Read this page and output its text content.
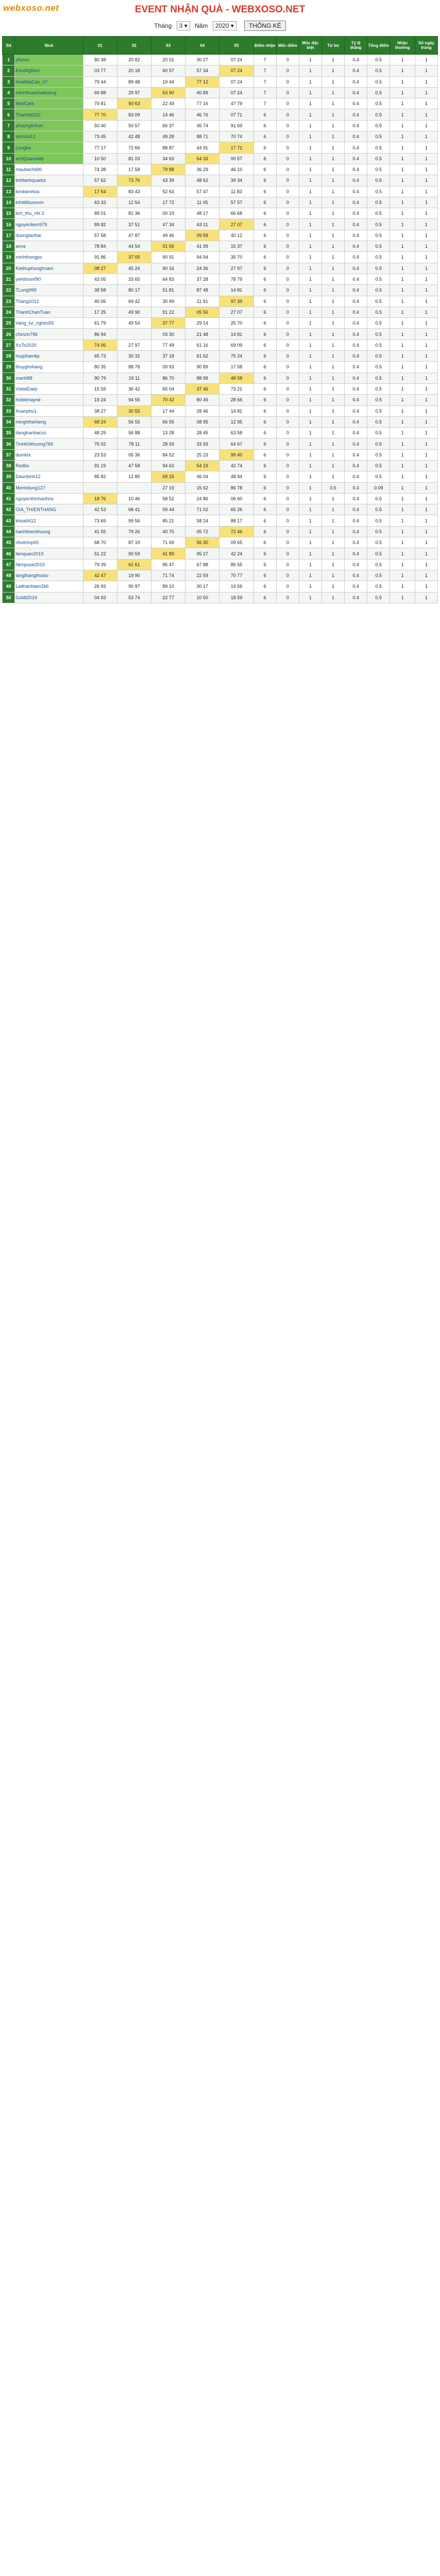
webxoso.net	EVENT NHẬN QUÀ - WEBXOSO.NET
Tháng 3 ▾ Năm 2020 ▾ THỐNG KÊ
Stt	Nick	01	02	03	04	05	Điểm nhận	Mốc điểm	Mốc đặc biệt	Từ bỏ	Tỷ lệ thắng	Tổng điểm	Nhận thưởng	Số ngày trúng
1	phimm	80 38	20 82	20 01	30 27	07 24	7	0	1	1	0.4	0.5	1	1
2	KhoiNgBien	03 77	20 18	60 57	57 34	07 24	7	0	1	1	0.4	0.5	1	1
3	HoaMaiCao_07	79 44	89 48	19 44	77 12	07 24	7	0	1	1	0.4	0.5	1	1
4	minhthuanhaiduong	69 88	29 97	63 90	40 89	07 24	7	0	1	1	0.4	0.5	1	1
5	NeoCarb	79 81	90 63	22 49	77 16	47 79	7	0	1	1	0.4	0.5	1	1
6	Thanhbt010	77 70	83 09	14 46	46 76	07 71	6	0	1	1	0.4	0.5	1	1
7	phuonglinhvn	50 40	50 57	66 37	45 74	91 69	6	0	1	1	0.4	0.5	1	1
8	sinhdol12	73 45	42 48	49 28	88 71	70 74	6	0	1	1	0.4	0.5	1	1
9	Longbo	77 17	72 66	88 87	44 91	17 72	6	0	1	1	0.4	0.5	1	1
10	anhQuandate	10 50	81 03	34 63	64 33	00 57	6	0	1	1	0.4	0.5	1	1
11	maubachil90	74 38	17 58	79 88	36 29	46 10	6	0	1	1	0.4	0.5	1	1
12	tinhlanhquadoi	57 62	73 76	43 39	48 62	39 34	6	0	1	1	0.4	0.5	1	1
13	kimbienhoa	17 54	83 43	52 63	57 47	11 83	6	0	1	1	0.4	0.5	1	1
14	tnhtt6buonvm	63 33	12 54	17 72	11 05	57 57	6	0	1	1	0.4	0.5	1	1
15	lich_thu_nhi 2	89 01	81 36	00 19	48 17	66 68	6	0	1	1	0.4	0.5	1	1
16	nguyenliem979	89 82	37 51	47 34	63 11	27 07	6	0	1	1	0.4	0.5	1	1
17	duongtanhai	57 58	47 87	49 46	09 59	40 12	6	0	1	1	0.4	0.5	1	1
18	anva	78 84	44 54	01 56	41 99	15 37	6	0	1	1	0.4	0.5	1	1
19	minhthongpx	91 86	37 05	90 91	94 94	35 70	6	0	1	1	0.4	0.5	1	1
20	Kiethuphunghnam	08 27	45 24	90 16	24 36	27 97	6	0	1	1	0.4	0.5	1	1
21	yehitmonf90	43 05	33 65	64 83	37 28	78 79	6	0	1	1	0.4	0.5	1	1
22	TLong999	38 58	80 17	51 81	87 48	14 81	6	0	1	1	0.4	0.5	1	1
23	Thang1012	40 06	69 42	30 99	11 91	97 39	6	0	1	1	0.4	0.5	1	1
24	ThanhChanTuan	17 25	49 90	91 22	05 56	27 07	6	0	1	1	0.4	0.5	1	1
25	Vang_lui_ngheo55	61 79	49 54	37 77	29 14	25 70	6	0	1	1	0.4	0.5	1	1
26	chinzin786	86 94		03 30	21 48	14 81	6	0	1	1	0.4	0.5	1	1
27	XuTo2020	74 06	27 97	77 49	61 16	69 09	6	0	1	1	0.4	0.5	1	1
28	huyphamkp	65 73	30 32	37 18	61 62	75 24	6	0	1	1	0.4	0.5	1	1
29	thuyghohang	80 35	88 78	09 93	90 89	17 58	6	0	1	1	0.4	0.5	1	1
30	manh88	90 79	19 11	86 70	88 99	48 58	6	0	1	1	0.4	0.5	1	1
31	VietelDaily	15 59	36 42	65 04	37 46	73 21	6	0	1	1	0.4	0.5	1	1
32	hoibitmayne	19 24	94 55	70 42	80 49	28 66	6	0	1	1	0.4	0.5	1	1
33	Xuanphu1	38 27	30 55	17 44	28 46	14 81	6	0	1	1	0.4	0.5	1	1
34	minghthehieng	68 24	56 55	66 55	08 95	12 95	6	0	1	1	0.4	0.5	1	1
35	dangtranbacco	48 29	56 88	13 28	28 45	63 58	6	0	1	1	0.4	0.5	1	1
36	TinhKhithuong789	75 02	78 11	28 93	33 93	64 67	6	0	1	1	0.4	0.5	1	1
37	dumkhi	23 53	05 36	84 52	25 23	99 40	6	0	1	1	0.4	0.5	1	1
38	Redbo	91 19	47 58	94 63	54 19	42 74	6	0	1	1	0.4	0.5	1	1
39	Daunbinh12	85 82	12 85	69 15	46 04	48 94	6	0	1	1	0.4	0.5	1	1
40	Menhdung127			27 19	15 62	86 78	6	0	1	0.5	0.4	0.09	1	1
41	nguyenthinhanhns	18 76	10 46	58 52	24 86	06 60	6	0	1	1	0.4	0.5	1	1
42	GIA_THIENTHANG	42 53	68 41	09 44	71 02	65 26	6	0	1	1	0.4	0.5	1	1
43	khoa9412	73 69	99 56	85 21	58 24	88 17	6	0	1	1	0.4	0.5	1	1
44	hanhthienthuong	41 55	79 26	40 70	05 72	72 46	6	0	1	1	0.4	0.5	1	1
45	nhutrimph0	68 70	87 19	71 69	56 30	09 65	6	0	1	1	0.4	0.5	1	1
46	lienquan2019	51 22	90 59	41 89	95 27	42 24	6	0	1	1	0.4	0.5	1	1
47	hkmpuse2019	79 39	61 61	85 47	67 88	85 55	6	0	1	1	0.4	0.5	1	1
48	langthangthoiso	42 47	19 90	71 74	22 59	70 77	6	0	1	1	0.4	0.5	1	1
49	Laithanhtam2k6	26 93	90 97	89 10	30 17	19 56	6	0	1	1	0.4	0.5	1	1
50	Goldt2019	04 93	53 74	22 77	10 50	18 59	6	0	1	1	0.4	0.5	1	1
